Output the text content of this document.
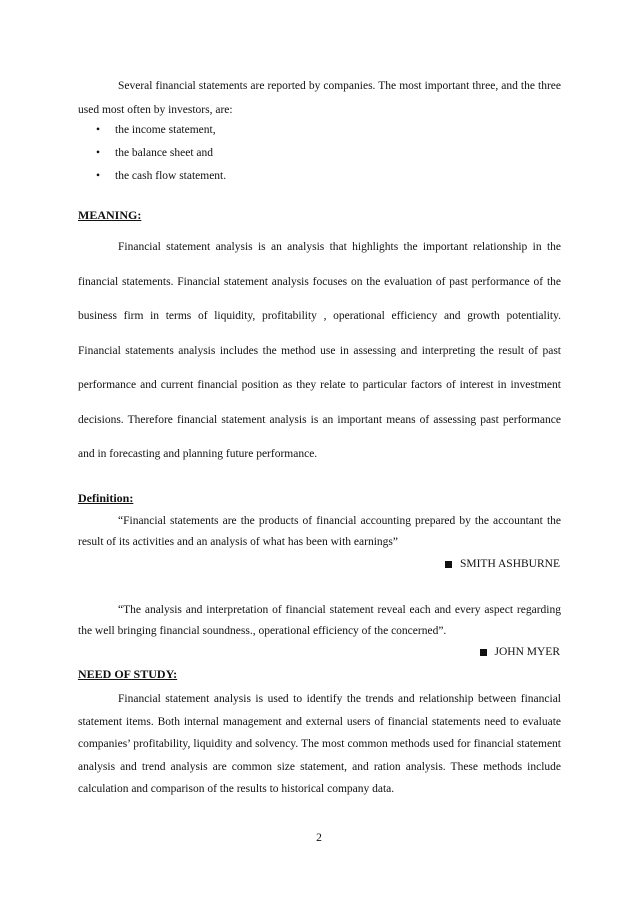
Several financial statements are reported by companies. The most important three, and the three used most often by investors, are:

• the income statement,
• the balance sheet and
• the cash flow statement.

MEANING:

Financial statement analysis is an analysis that highlights the important relationship in the financial statements. Financial statement analysis focuses on the evaluation of past performance of the business firm in terms of liquidity, profitability , operational efficiency and growth potentiality. Financial statements analysis includes the method use in assessing and interpreting the result of past performance and current financial position as they relate to particular factors of interest in investment decisions. Therefore financial statement analysis is an important means of assessing past performance and in forecasting and planning future performance.

Definition:

“Financial statements are the products of financial accounting prepared by the accountant the result of its activities and an analysis of what has been with earnings”

SMITH ASHBURNE

“The analysis and interpretation of financial statement reveal each and every aspect regarding the well bringing financial soundness., operational efficiency of the concerned”.

JOHN MYER

NEED OF STUDY:

Financial statement analysis is used to identify the trends and relationship between financial statement items. Both internal management and external users of financial statements need to evaluate companies’ profitability, liquidity and solvency. The most common methods used for financial statement analysis and trend analysis are common size statement, and ration analysis. These methods include calculation and comparison of the results to historical company data.

2
